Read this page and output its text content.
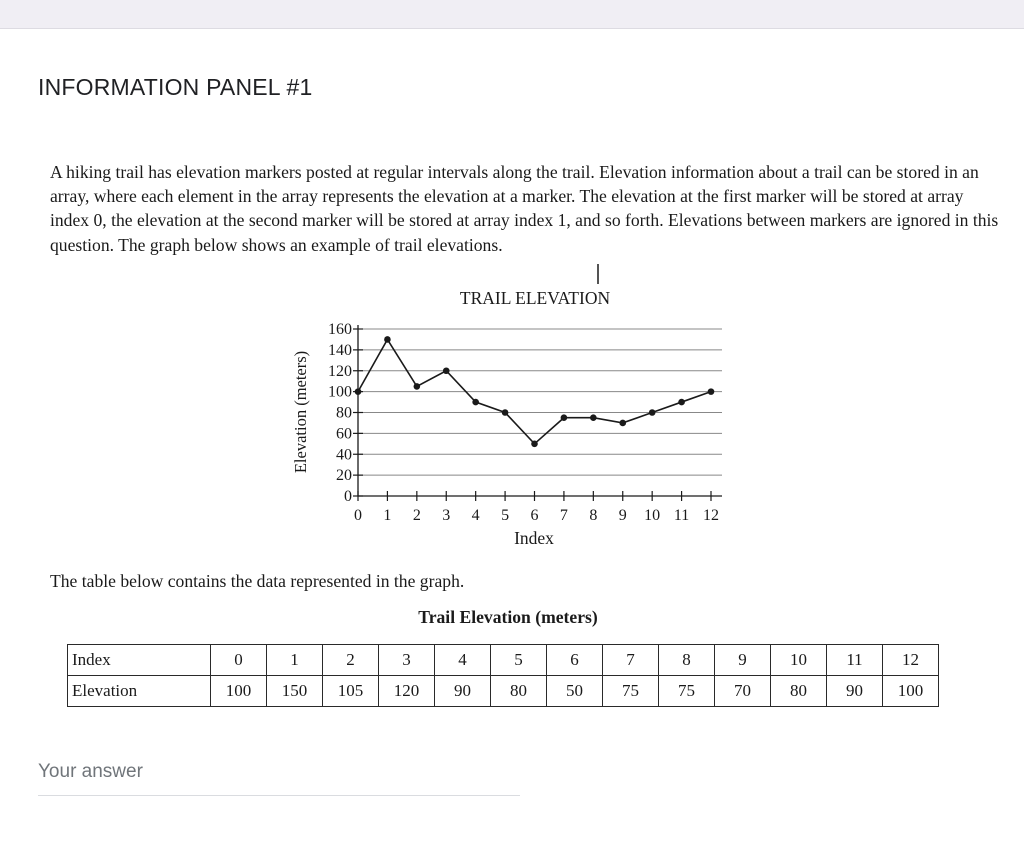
INFORMATION PANEL #1

A hiking trail has elevation markers posted at regular intervals along the trail. Elevation information about a trail can be stored in an array, where each element in the array represents the elevation at a marker. The elevation at the first marker will be stored at array index 0, the elevation at the second marker will be stored at array index 1, and so forth. Elevations between markers are ignored in this question. The graph below shows an example of trail elevations.

TRAIL ELEVATION
Elevation (meters)
Index
0
20
40
60
80
100
120
140
160
0 1 2 3 4 5 6 7 8 9 10 11 12

The table below contains the data represented in the graph.

Trail Elevation (meters)

Index	0	1	2	3	4	5	6	7	8	9	10	11	12
Elevation	100	150	105	120	90	80	50	75	75	70	80	90	100
Your answer
